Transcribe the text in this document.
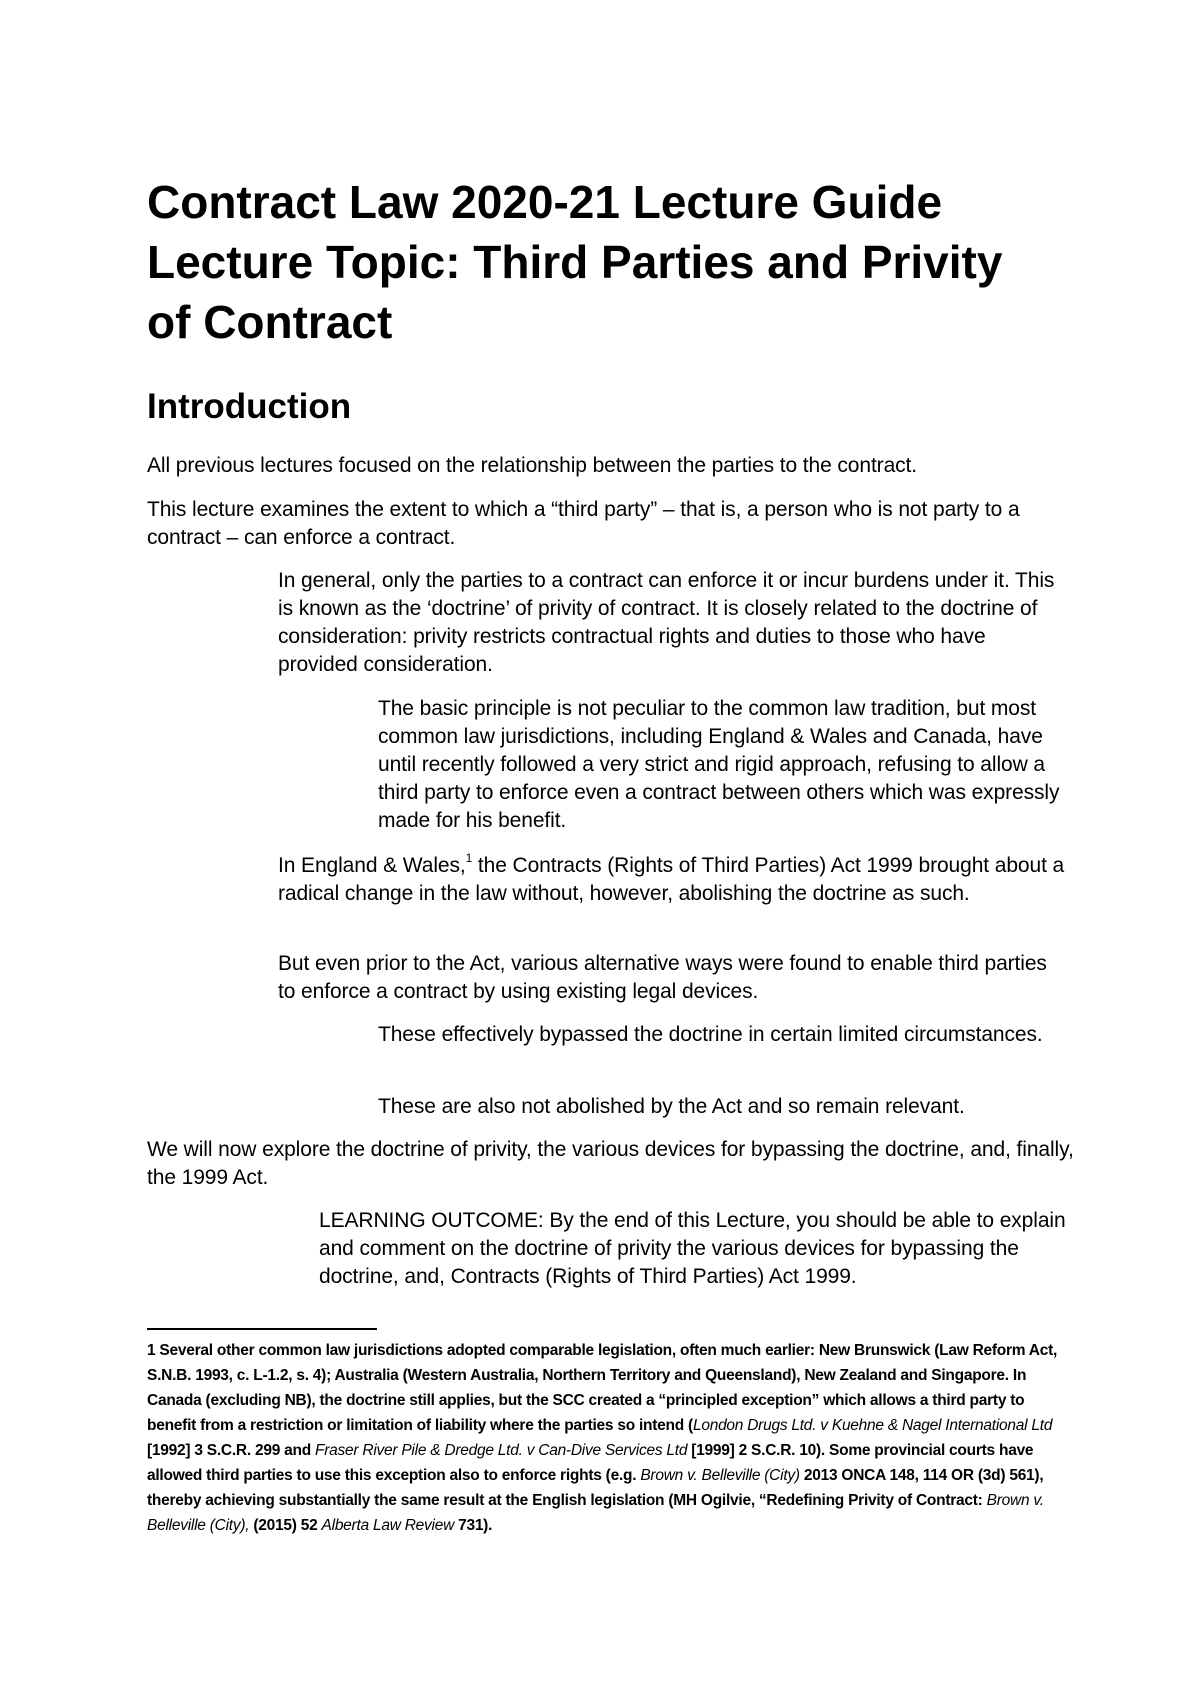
Contract Law 2020-21 Lecture Guide
Lecture Topic: Third Parties and Privity
of Contract
Introduction

All previous lectures focused on the relationship between the parties to the contract.

This lecture examines the extent to which a “third party” – that is, a person who is not party to a contract – can enforce a contract.

In general, only the parties to a contract can enforce it or incur burdens under it. This is known as the ‘doctrine’ of privity of contract. It is closely related to the doctrine of consideration: privity restricts contractual rights and duties to those who have provided consideration.

The basic principle is not peculiar to the common law tradition, but most common law jurisdictions, including England & Wales and Canada, have until recently followed a very strict and rigid approach, refusing to allow a third party to enforce even a contract between others which was expressly made for his benefit.

In England & Wales,$^1$ the Contracts (Rights of Third Parties) Act 1999 brought about a radical change in the law without, however, abolishing the doctrine as such.

But even prior to the Act, various alternative ways were found to enable third parties to enforce a contract by using existing legal devices.

These effectively bypassed the doctrine in certain limited circumstances.

These are also not abolished by the Act and so remain relevant.

We will now explore the doctrine of privity, the various devices for bypassing the doctrine, and, finally, the 1999 Act.

LEARNING OUTCOME: By the end of this Lecture, you should be able to explain and comment on the doctrine of privity the various devices for bypassing the doctrine, and, Contracts (Rights of Third Parties) Act 1999.

1 Several other common law jurisdictions adopted comparable legislation, often much earlier: New Brunswick (Law Reform Act, S.N.B. 1993, c. L-1.2, s. 4); Australia (Western Australia, Northern Territory and Queensland), New Zealand and Singapore. In Canada (excluding NB), the doctrine still applies, but the SCC created a “principled exception” which allows a third party to benefit from a restriction or limitation of liability where the parties so intend (London Drugs Ltd. v Kuehne & Nagel International Ltd [1992] 3 S.C.R. 299 and Fraser River Pile & Dredge Ltd. v Can-Dive Services Ltd [1999] 2 S.C.R. 10). Some provincial courts have allowed third parties to use this exception also to enforce rights (e.g. Brown v. Belleville (City) 2013 ONCA 148, 114 OR (3d) 561), thereby achieving substantially the same result at the English legislation (MH Ogilvie, “Redefining Privity of Contract: Brown v. Belleville (City), (2015) 52 Alberta Law Review 731).
